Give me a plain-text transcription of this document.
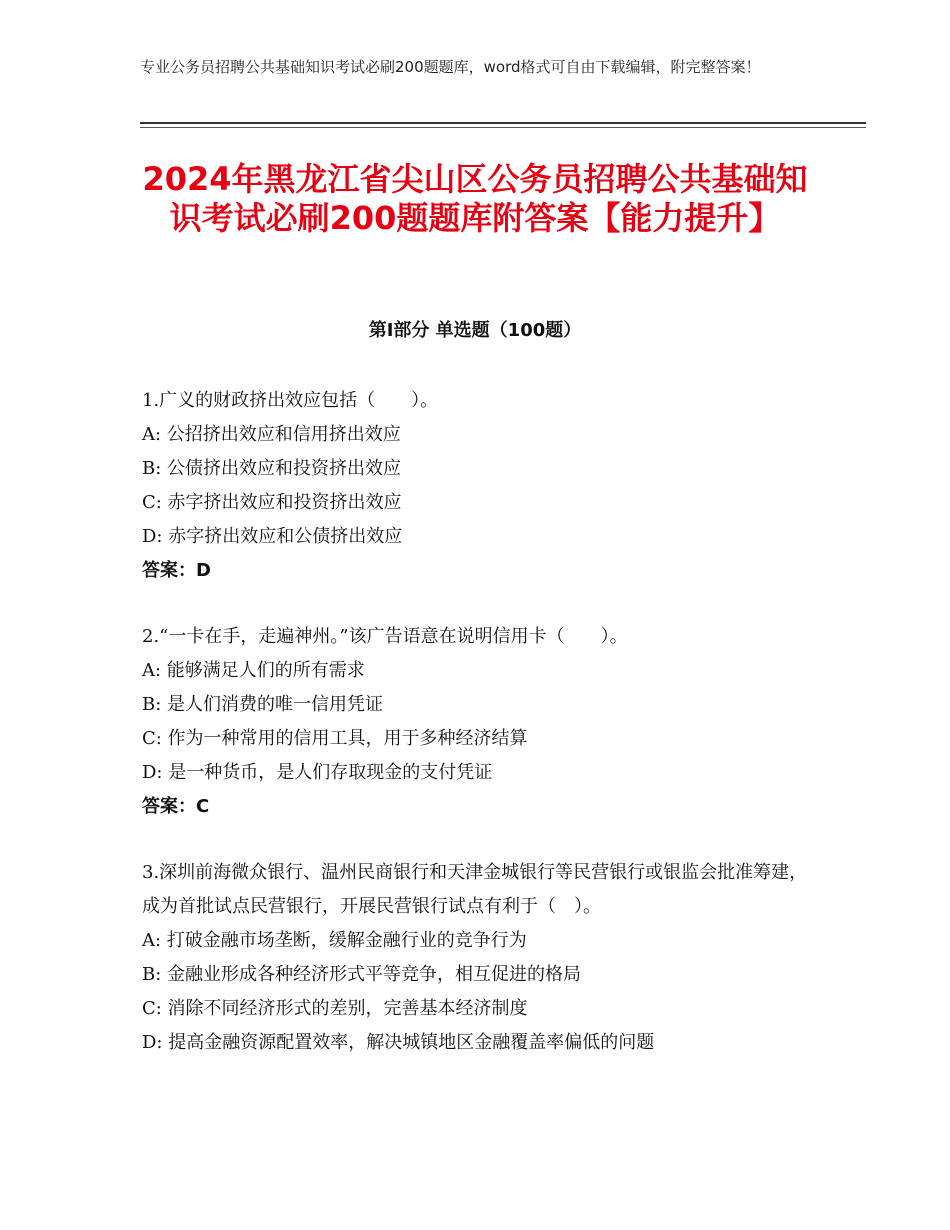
专业公务员招聘公共基础知识考试必刷200题题库，word格式可自由下载编辑，附完整答案！
2024年黑龙江省尖山区公务员招聘公共基础知识考试必刷200题题库附答案【能力提升】
第Ⅰ部分 单选题（100题）
1.广义的财政挤出效应包括（　　）。
A: 公招挤出效应和信用挤出效应
B: 公债挤出效应和投资挤出效应
C: 赤字挤出效应和投资挤出效应
D: 赤字挤出效应和公债挤出效应
答案：D
2.“一卡在手，走遍神州。”该广告语意在说明信用卡（　　）。
A: 能够满足人们的所有需求
B: 是人们消费的唯一信用凭证
C: 作为一种常用的信用工具，用于多种经济结算
D: 是一种货币，是人们存取现金的支付凭证
答案：C
3.深圳前海微众银行、温州民商银行和天津金城银行等民营银行或银监会批准筹建，成为首批试点民营银行，开展民营银行试点有利于（　）。
A: 打破金融市场垄断，缓解金融行业的竞争行为
B: 金融业形成各种经济形式平等竞争，相互促进的格局
C: 消除不同经济形式的差别，完善基本经济制度
D: 提高金融资源配置效率，解决城镇地区金融覆盖率偏低的问题
